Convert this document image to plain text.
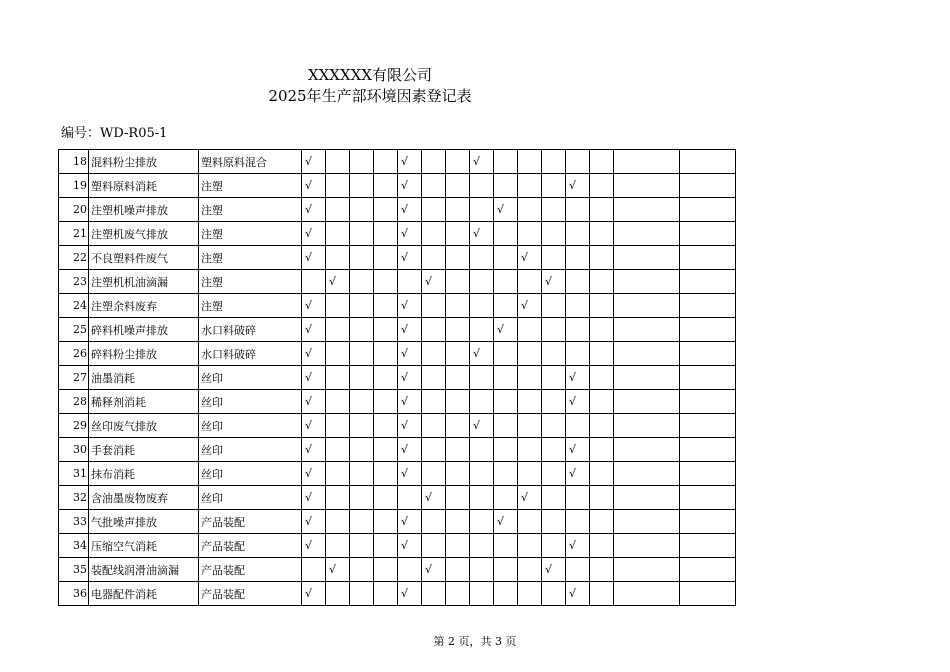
XXXXXX有限公司
2025年生产部环境因素登记表
编号：WD-R05-1
18	混料粉尘排放	塑料原料混合	√				√			√							
19	塑料原料消耗	注塑	√				√							√			
20	注塑机噪声排放	注塑	√				√				√						
21	注塑机废气排放	注塑	√				√			√							
22	不良塑料件废气	注塑	√				√					√					
23	注塑机机油滴漏	注塑		√				√					√				
24	注塑余料废弃	注塑	√				√					√					
25	碎料机噪声排放	水口料破碎	√				√				√						
26	碎料粉尘排放	水口料破碎	√				√			√							
27	油墨消耗	丝印	√				√							√			
28	稀释剂消耗	丝印	√				√							√			
29	丝印废气排放	丝印	√				√			√							
30	手套消耗	丝印	√				√							√			
31	抹布消耗	丝印	√				√							√			
32	含油墨废物废弃	丝印	√					√				√					
33	气批噪声排放	产品装配	√				√				√						
34	压缩空气消耗	产品装配	√				√							√			
35	装配线润滑油滴漏	产品装配		√				√					√				
36	电器配件消耗	产品装配	√				√							√			
第 2 页，共 3 页
